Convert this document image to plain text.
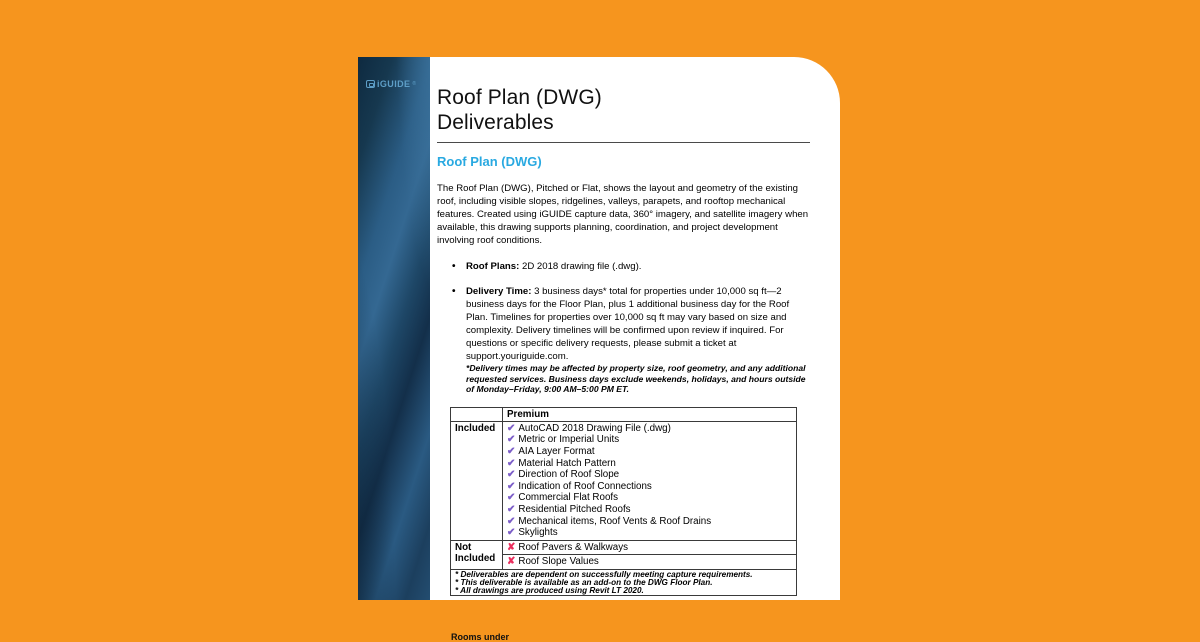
iGUIDE ®
Roof Plan (DWG)
Deliverables
Roof Plan (DWG)

The Roof Plan (DWG), Pitched or Flat, shows the layout and geometry of the existing roof, including visible slopes, ridgelines, valleys, parapets, and rooftop mechanical features. Created using iGUIDE capture data, 360° imagery, and satellite imagery when available, this drawing supports planning, coordination, and project development involving roof conditions.

• Roof Plans: 2D 2018 drawing file (.dwg).
• Delivery Time: 3 business days* total for properties under 10,000 sq ft—2 business days for the Floor Plan, plus 1 additional business day for the Roof Plan. Timelines for properties over 10,000 sq ft may vary based on size and complexity. Delivery timelines will be confirmed upon review if inquired. For questions or specific delivery requests, please submit a ticket at support.youriguide.com.
*Delivery times may be affected by property size, roof geometry, and any additional requested services. Business days exclude weekends, holidays, and hours outside of Monday–Friday, 9:00 AM–5:00 PM ET.
	Premium
Included	✔ AutoCAD 2018 Drawing File (.dwg)
✔ Metric or Imperial Units
✔ AIA Layer Format
✔ Material Hatch Pattern
✔ Direction of Roof Slope
✔ Indication of Roof Connections
✔ Commercial Flat Roofs
✔ Residential Pitched Roofs
✔ Mechanical items, Roof Vents & Roof Drains
✔ Skylights

Not
Included	✘ Roof Pavers & Walkways

	✘ Roof Slope Values

* Deliverables are dependent on successfully meeting capture requirements.
* This deliverable is available as an add-on to the DWG Floor Plan.
* All drawings are produced using Revit LT 2020.	
Rooms under
